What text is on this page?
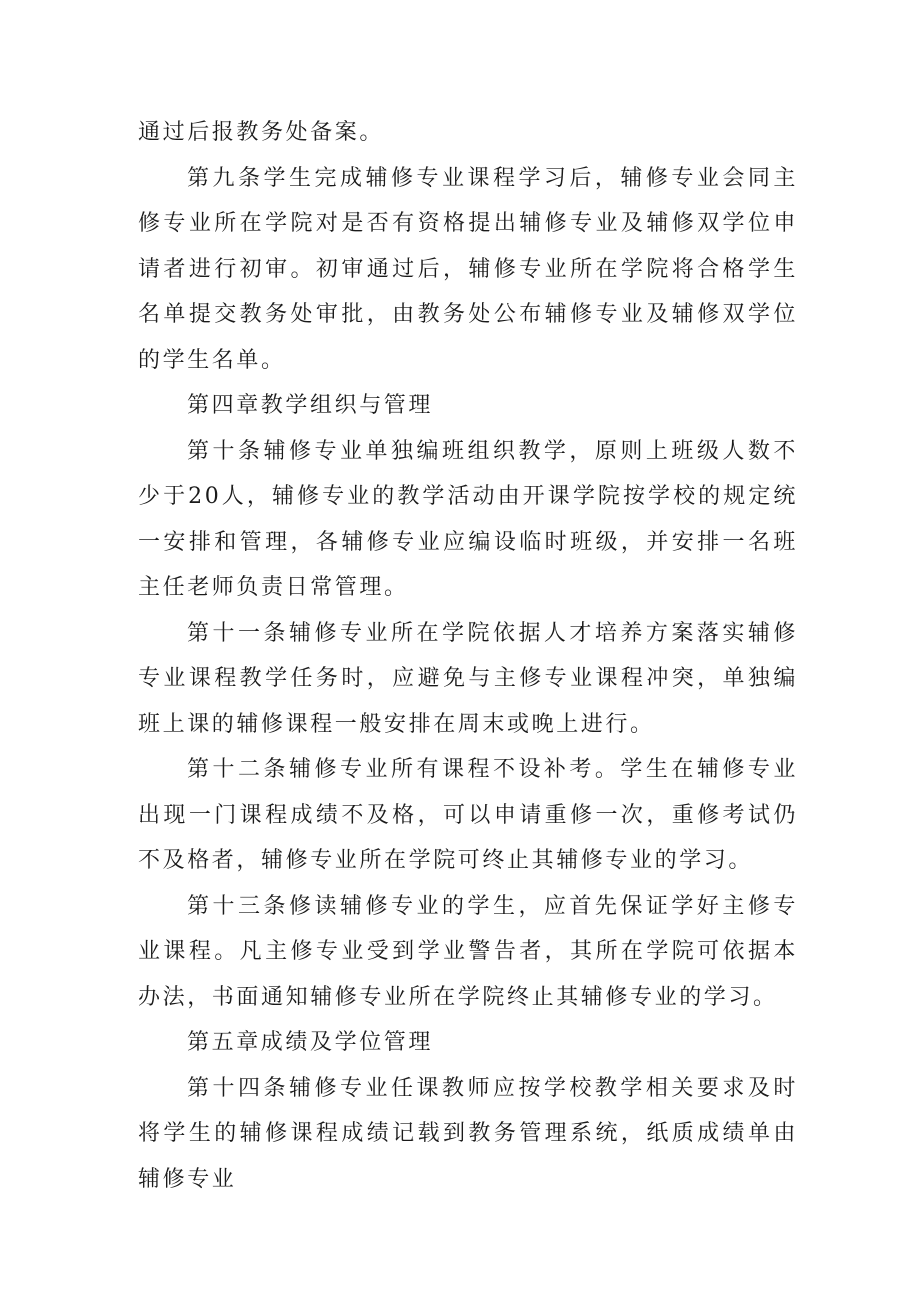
通过后报教务处备案。

第九条学生完成辅修专业课程学习后，辅修专业会同主修专业所在学院对是否有资格提出辅修专业及辅修双学位申请者进行初审。初审通过后，辅修专业所在学院将合格学生名单提交教务处审批，由教务处公布辅修专业及辅修双学位的学生名单。

第四章教学组织与管理

第十条辅修专业单独编班组织教学，原则上班级人数不少于20人，辅修专业的教学活动由开课学院按学校的规定统一安排和管理，各辅修专业应编设临时班级，并安排一名班主任老师负责日常管理。

第十一条辅修专业所在学院依据人才培养方案落实辅修专业课程教学任务时，应避免与主修专业课程冲突，单独编班上课的辅修课程一般安排在周末或晚上进行。

第十二条辅修专业所有课程不设补考。学生在辅修专业出现一门课程成绩不及格，可以申请重修一次，重修考试仍不及格者，辅修专业所在学院可终止其辅修专业的学习。

第十三条修读辅修专业的学生，应首先保证学好主修专业课程。凡主修专业受到学业警告者，其所在学院可依据本办法，书面通知辅修专业所在学院终止其辅修专业的学习。

第五章成绩及学位管理

第十四条辅修专业任课教师应按学校教学相关要求及时将学生的辅修课程成绩记载到教务管理系统，纸质成绩单由辅修专业
